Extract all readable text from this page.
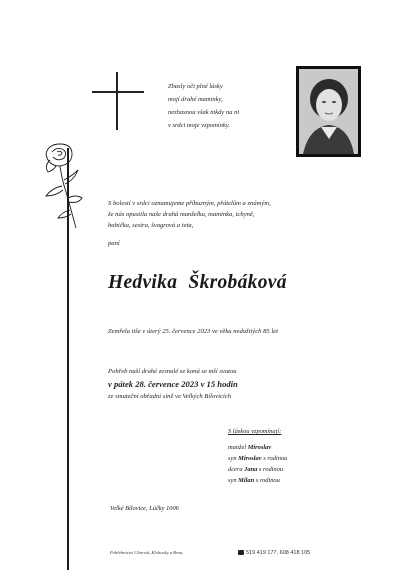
Zhasly oči plné lásky
mojí drahé maminky,
nezhasnou však nikdy na ni
v srdci moje vzpomínky.
S bolestí v srdci oznamujeme příbuzným, přátelům a známým,
že nás opustila naše drahá manželka, maminka, tchyně,
babička, sestra, švagrová a teta,
paní
Hedvika Škrobáková
Zemřela tiše v úterý 25. července 2023 ve věku nedožitých 85 let
Pohřeb naší drahé zesnulé se koná se mší svatou
v pátek 28. července 2023 v 15 hodin
ze smuteční obřadní síně ve Velkých Bílovicích
S láskou vzpomínají:
manžel Miroslav
syn Miroslav s rodinou
dcera Jana s rodinou
syn Milan s rodinou
Velké Bílovice, Lúčky 1006
Pohřebnictví Charvát, Klobouky u Brna,	519 419 177, 608 418 105
